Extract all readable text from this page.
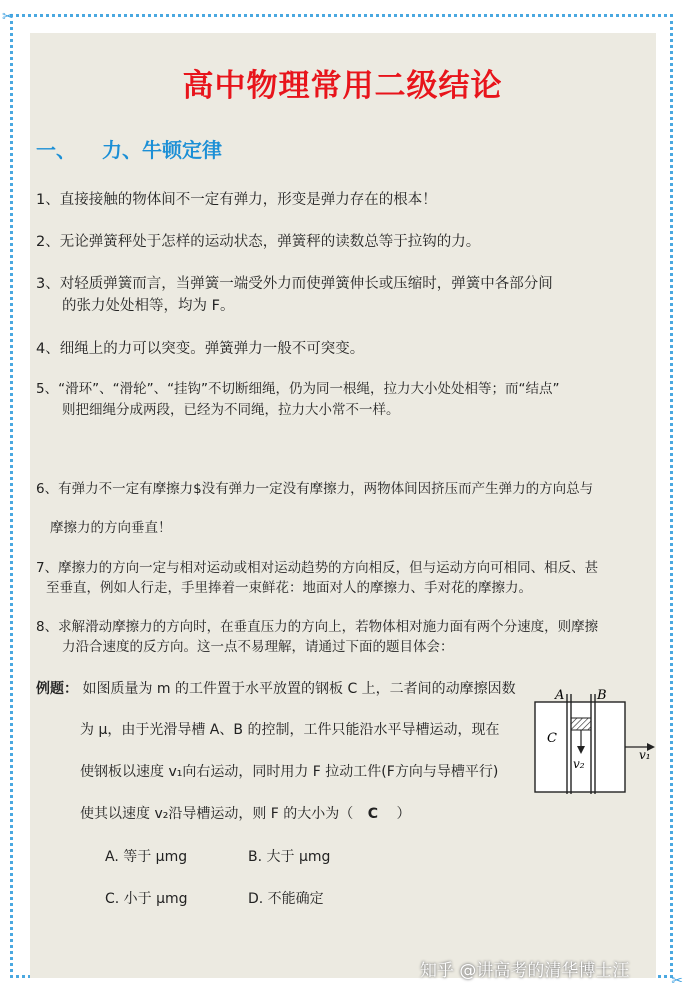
✂
✂
高中物理常用二级结论
一、 力、牛顿定律
1、直接接触的物体间不一定有弹力，形变是弹力存在的根本！
2、无论弹簧秤处于怎样的运动状态，弹簧秤的读数总等于拉钩的力。
3、对轻质弹簧而言，当弹簧一端受外力而使弹簧伸长或压缩时，弹簧中各部分间
的张力处处相等，均为 F。
4、细绳上的力可以突变。弹簧弹力一般不可突变。
5、“滑环”、“滑轮”、“挂钩”不切断细绳，仍为同一根绳，拉力大小处处相等；而“结点”
则把细绳分成两段，已经为不同绳，拉力大小常不一样。
6、有弹力不一定有摩擦力$没有弹力一定没有摩擦力，两物体间因挤压而产生弹力的方向总与
摩擦力的方向垂直！
7、摩擦力的方向一定与相对运动或相对运动趋势的方向相反，但与运动方向可相同、相反、甚
至垂直，例如人行走，手里捧着一束鲜花：地面对人的摩擦力、手对花的摩擦力。
8、求解滑动摩擦力的方向时，在垂直压力的方向上，若物体相对施力面有两个分速度，则摩擦
力沿合速度的反方向。这一点不易理解，请通过下面的题目体会：
例题： 如图质量为 m 的工件置于水平放置的钢板 C 上，二者间的动摩擦因数
为 μ，由于光滑导槽 A、B 的控制，工件只能沿水平导槽运动，现在
使钢板以速度 v₁向右运动，同时用力 F 拉动工件(F方向与导槽平行)
使其以速度 v₂沿导槽运动，则 F 的大小为（ C ）
A. 等于 μmg	B. 大于 μmg
C. 小于 μmg	D. 不能确定
A	B
C
v₂
v₁
知乎 @讲高考的清华博士汪
